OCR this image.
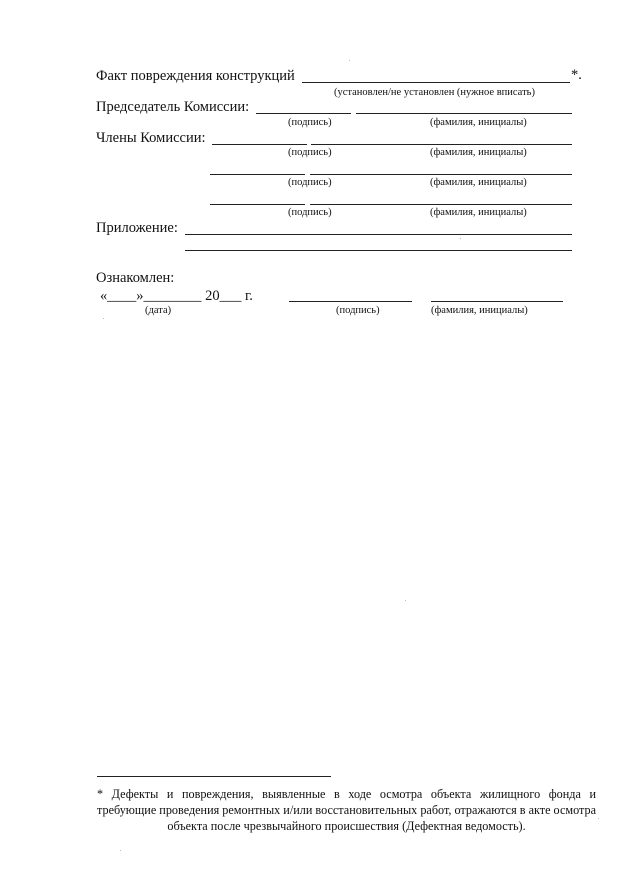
Факт повреждения конструкций	*.
(установлен/не установлен (нужное вписать)
Председатель Комиссии:
(подпись)	(фамилия, инициалы)
Члены Комиссии:
(подпись)	(фамилия, инициалы)
(подпись)	(фамилия, инициалы)
(подпись)	(фамилия, инициалы)
Приложение:
Ознакомлен:
«____»________ 20___ г.
(дата)	(подпись)	(фамилия, инициалы)
* Дефекты и повреждения, выявленные в ходе осмотра объекта жилищного фонда и требующие проведения ремонтных и/или восстановительных работ, отражаются в акте осмотра объекта после чрезвычайного происшествия (Дефектная ведомость).
